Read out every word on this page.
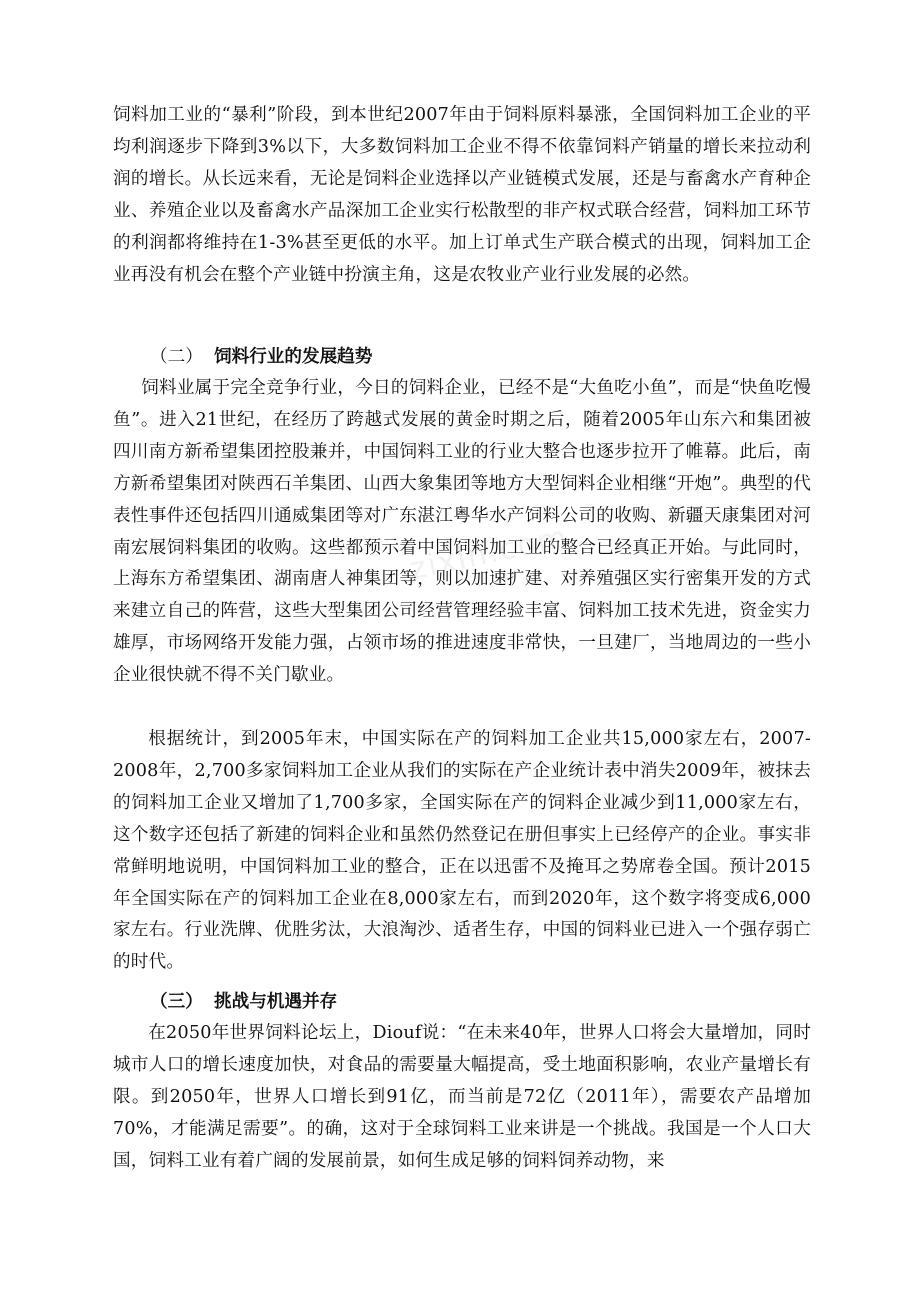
饲料加工业的“暴利”阶段，到本世纪2007年由于饲料原料暴涨，全国饲料加工企业的平均利润逐步下降到3%以下，大多数饲料加工企业不得不依靠饲料产销量的增长来拉动利润的增长。从长远来看，无论是饲料企业选择以产业链模式发展，还是与畜禽水产育种企业、养殖企业以及畜禽水产品深加工企业实行松散型的非产权式联合经营，饲料加工环节的利润都将维持在1-3%甚至更低的水平。加上订单式生产联合模式的出现，饲料加工企业再没有机会在整个产业链中扮演主角，这是农牧业产业行业发展的必然。

（二） 饲料行业的发展趋势

饲料业属于完全竞争行业，今日的饲料企业，已经不是“大鱼吃小鱼”，而是“快鱼吃慢鱼”。进入21世纪，在经历了跨越式发展的黄金时期之后，随着2005年山东六和集团被四川南方新希望集团控股兼并，中国饲料工业的行业大整合也逐步拉开了帷幕。此后，南方新希望集团对陕西石羊集团、山西大象集团等地方大型饲料企业相继“开炮”。典型的代表性事件还包括四川通威集团等对广东湛江粤华水产饲料公司的收购、新疆天康集团对河南宏展饲料集团的收购。这些都预示着中国饲料加工业的整合已经真正开始。与此同时，上海东方希望集团、湖南唐人神集团等，则以加速扩建、对养殖强区实行密集开发的方式来建立自己的阵营，这些大型集团公司经营管理经验丰富、饲料加工技术先进，资金实力雄厚，市场网络开发能力强，占领市场的推进速度非常快，一旦建厂，当地周边的一些小企业很快就不得不关门歇业。

根据统计，到2005年末，中国实际在产的饲料加工企业共15,000家左右，2007-2008年，2,700多家饲料加工企业从我们的实际在产企业统计表中消失2009年，被抹去的饲料加工企业又增加了1,700多家，全国实际在产的饲料企业减少到11,000家左右，这个数字还包括了新建的饲料企业和虽然仍然登记在册但事实上已经停产的企业。事实非常鲜明地说明，中国饲料加工业的整合，正在以迅雷不及掩耳之势席卷全国。预计2015年全国实际在产的饲料加工企业在8,000家左右，而到2020年，这个数字将变成6,000家左右。行业洗牌、优胜劣汰，大浪淘沙、适者生存，中国的饲料业已进入一个强存弱亡的时代。

（三） 挑战与机遇并存

在2050年世界饲料论坛上，Diouf说：“在未来40年，世界人口将会大量增加，同时城市人口的增长速度加快，对食品的需要量大幅提高，受土地面积影响，农业产量增长有限。到2050年，世界人口增长到91亿，而当前是72亿（2011年），需要农产品增加70%，才能满足需要”。的确，这对于全球饲料工业来讲是一个挑战。我国是一个人口大国，饲料工业有着广阔的发展前景，如何生成足够的饲料饲养动物，来

zixin.com
